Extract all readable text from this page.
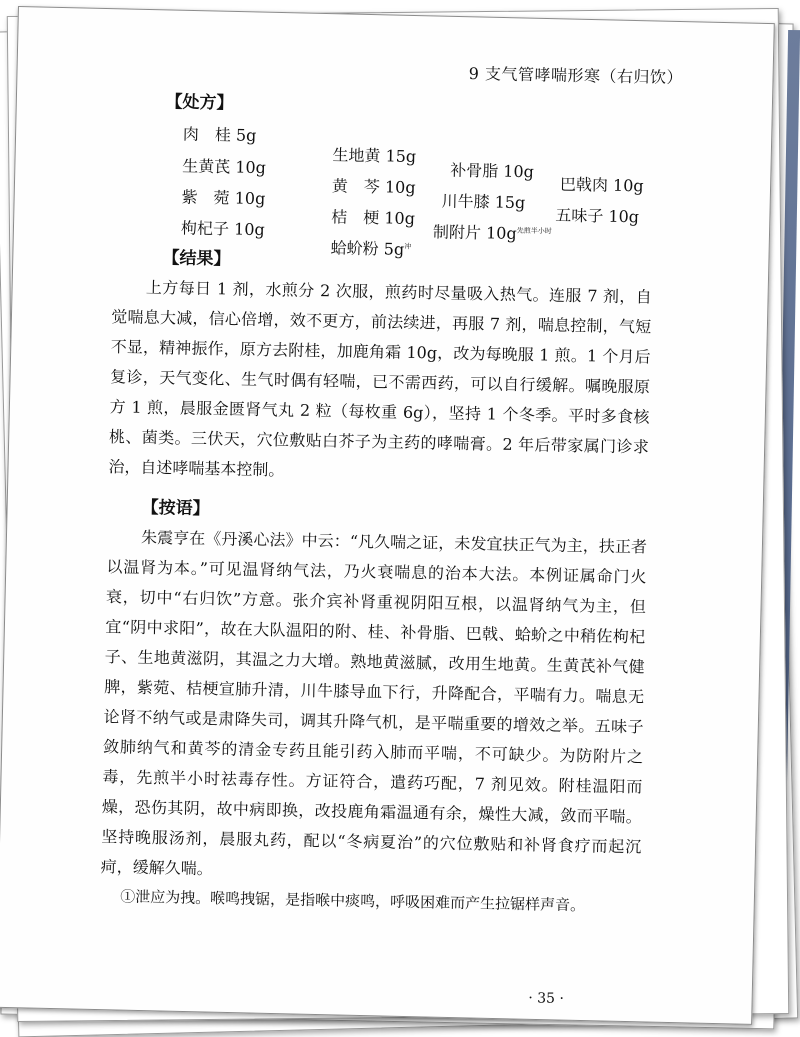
9 支气管哮喘形寒（右归饮）
【处方】
肉　桂 5g
生黄芪 10g
紫　菀 10g
枸杞子 10g
生地黄 15g
黄　芩 10g
桔　梗 10g
蛤蚧粉 5g$^冲$
补骨脂 10g
川牛膝 15g
制附片 10g$^{先煎半小时}$
巴戟肉 10g
五味子 10g
【结果】

上方每日 1 剂，水煎分 2 次服，煎药时尽量吸入热气。连服 7 剂，自觉喘息大减，信心倍增，效不更方，前法续进，再服 7 剂，喘息控制，气短不显，精神振作，原方去附桂，加鹿角霜 10g，改为每晚服 1 煎。1 个月后复诊，天气变化、生气时偶有轻喘，已不需西药，可以自行缓解。嘱晚服原方 1 煎，晨服金匮肾气丸 2 粒（每枚重 6g），坚持 1 个冬季。平时多食核桃、菌类。三伏天，穴位敷贴白芥子为主药的哮喘膏。2 年后带家属门诊求治，自述哮喘基本控制。

【按语】

朱震亨在《丹溪心法》中云：“凡久喘之证，未发宜扶正气为主，扶正者以温肾为本。”可见温肾纳气法，乃火衰喘息的治本大法。本例证属命门火衰，切中“右归饮”方意。张介宾补肾重视阴阳互根，以温肾纳气为主，但宜“阴中求阳”，故在大队温阳的附、桂、补骨脂、巴戟、蛤蚧之中稍佐枸杞子、生地黄滋阴，其温之力大增。熟地黄滋腻，改用生地黄。生黄芪补气健脾，紫菀、桔梗宣肺升清，川牛膝导血下行，升降配合，平喘有力。喘息无论肾不纳气或是肃降失司，调其升降气机，是平喘重要的增效之举。五味子敛肺纳气和黄芩的清金专药且能引药入肺而平喘，不可缺少。为防附片之毒，先煎半小时祛毒存性。方证符合，遣药巧配，7 剂见效。附桂温阳而燥，恐伤其阴，故中病即换，改投鹿角霜温通有余，燥性大减，敛而平喘。坚持晚服汤剂，晨服丸药，配以“冬病夏治”的穴位敷贴和补肾食疗而起沉疴，缓解久喘。

①泄应为拽。喉鸣拽锯，是指喉中痰鸣，呼吸困难而产生拉锯样声音。

· 35 ·
